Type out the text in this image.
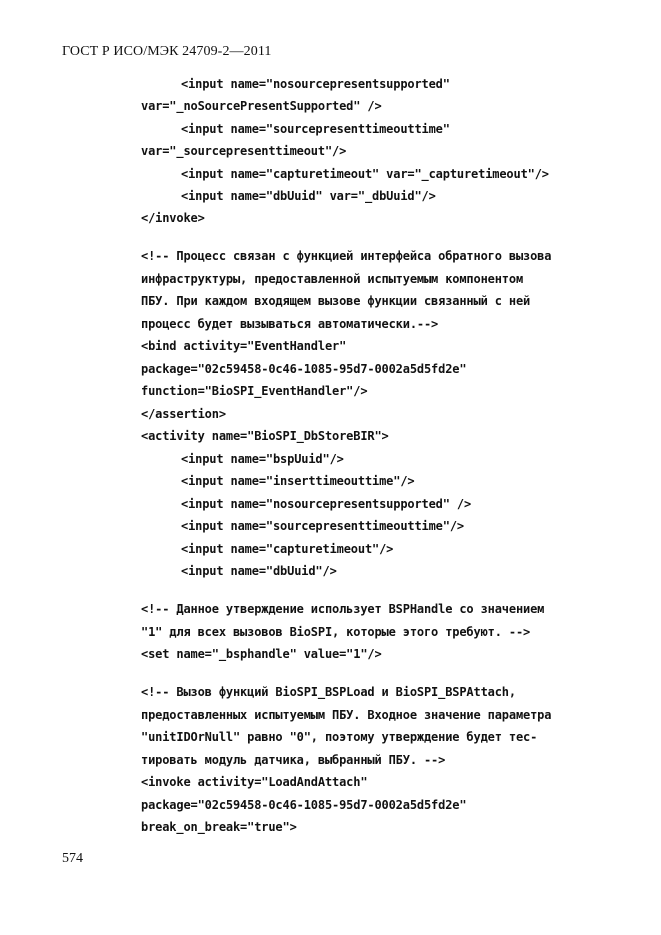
ГОСТ Р ИСО/МЭК 24709-2—2011
<input name="nosourcepresentsupported"
var="_noSourcePresentSupported" />
<input name="sourcepresenttimeouttime"
var="_sourcepresenttimeout"/>
<input name="capturetimeout" var="_capturetimeout"/>
<input name="dbUuid" var="_dbUuid"/>
</invoke>
<!-- Процесс связан с функцией интерфейса обратного вызова
инфраструктуры, предоставленной испытуемым компонентом
ПБУ. При каждом входящем вызове функции связанный с ней
процесс будет вызываться автоматически.-->
<bind activity="EventHandler"
package="02c59458-0c46-1085-95d7-0002a5d5fd2e"
function="BioSPI_EventHandler"/>
</assertion>
<activity name="BioSPI_DbStoreBIR">
<input name="bspUuid"/>
<input name="inserttimeouttime"/>
<input name="nosourcepresentsupported" />
<input name="sourcepresenttimeouttime"/>
<input name="capturetimeout"/>
<input name="dbUuid"/>
<!-- Данное утверждение использует BSPHandle со значением
"1" для всех вызовов BioSPI, которые этого требуют. -->
<set name="_bsphandle" value="1"/>
<!-- Вызов функций BioSPI_BSPLoad и BioSPI_BSPAttach,
предоставленных испытуемым ПБУ. Входное значение параметра
"unitIDOrNull" равно "0", поэтому утверждение будет тес-
тировать модуль датчика, выбранный ПБУ. -->
<invoke activity="LoadAndAttach"
package="02c59458-0c46-1085-95d7-0002a5d5fd2e"
break_on_break="true">
574
